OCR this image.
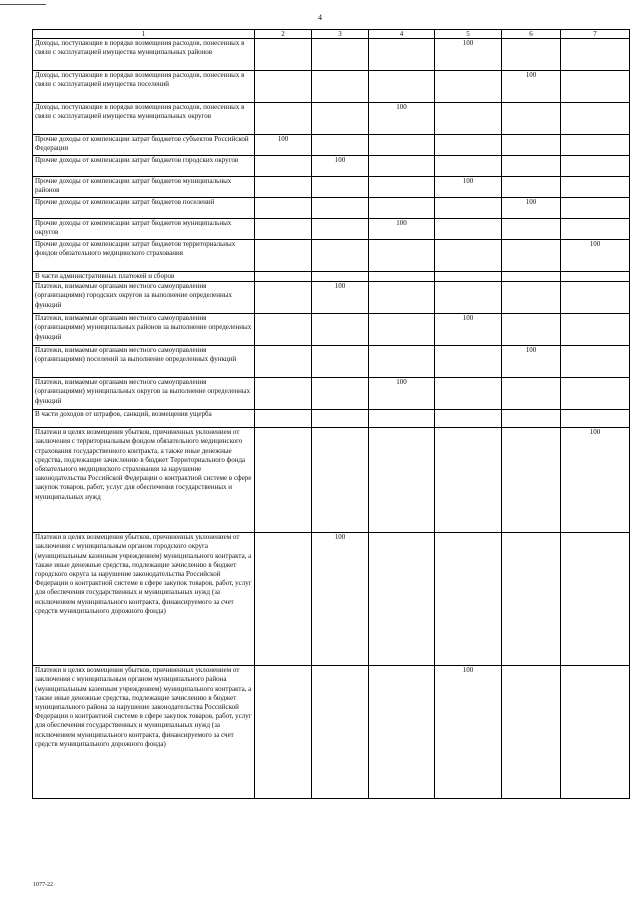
4
1	2	3	4	5	6	7
Доходы, поступающие в порядке возмещения расходов, понесенных в связи с эксплуатацией имущества муниципальных районов				100		
Доходы, поступающие в порядке возмещения расходов, понесенных в связи с эксплуатацией имущества поселений					100	
Доходы, поступающие в порядке возмещения расходов, понесенных в связи с эксплуатацией имущества муниципальных округов			100			
Прочие доходы от компенсации затрат бюджетов субъектов Российской Федерации	100					
Прочие доходы от компенсации затрат бюджетов городских округов		100				
Прочие доходы от компенсации затрат бюджетов муниципальных районов				100		
Прочие доходы от компенсации затрат бюджетов поселений					100	
Прочие доходы от компенсации затрат бюджетов муниципальных округов			100			
Прочие доходы от компенсации затрат бюджетов территориальных фондов обязательного медицинского страхования						100
В части административных платежей и сборов						
Платежи, взимаемые органами местного самоуправления (организациями) городских округов за выполнение определенных функций		100				
Платежи, взимаемые органами местного самоуправления (организациями) муниципальных районов за выполнение определенных функций				100		
Платежи, взимаемые органами местного самоуправления (организациями) поселений за выполнение определенных функций					100	
Платежи, взимаемые органами местного самоуправления (организациями) муниципальных округов за выполнение определенных функций			100			
В части доходов от штрафов, санкций, возмещения ущерба						
Платежи в целях возмещения убытков, причиненных уклонением от заключения с территориальным фондом обязательного медицинского страхования государственного контракта, а также иные денежные средства, подлежащие зачислению в бюджет Территориального фонда обязательного медицинского страхования за нарушение законодательства Российской Федерации о контрактной системе в сфере закупок товаров, работ, услуг для обеспечения государственных и муниципальных нужд						100
Платежи в целях возмещения убытков, причиненных уклонением от заключения с муниципальным органом городского округа (муниципальным казенным учреждением) муниципального контракта, а также иные денежные средства, подлежащие зачислению в бюджет городского округа за нарушение законодательства Российской Федерации о контрактной системе в сфере закупок товаров, работ, услуг для обеспечения государственных и муниципальных нужд (за исключением муниципального контракта, финансируемого за счет средств муниципального дорожного фонда)		100				
Платежи в целях возмещения убытков, причиненных уклонением от заключения с муниципальным органом муниципального района (муниципальным казенным учреждением) муниципального контракта, а также иные денежные средства, подлежащие зачислению в бюджет муниципального района за нарушение законодательства Российской Федерации о контрактной системе в сфере закупок товаров, работ, услуг для обеспечения государственных и муниципальных нужд (за исключением муниципального контракта, финансируемого за счет средств муниципального дорожного фонда)				100		
1077-22
